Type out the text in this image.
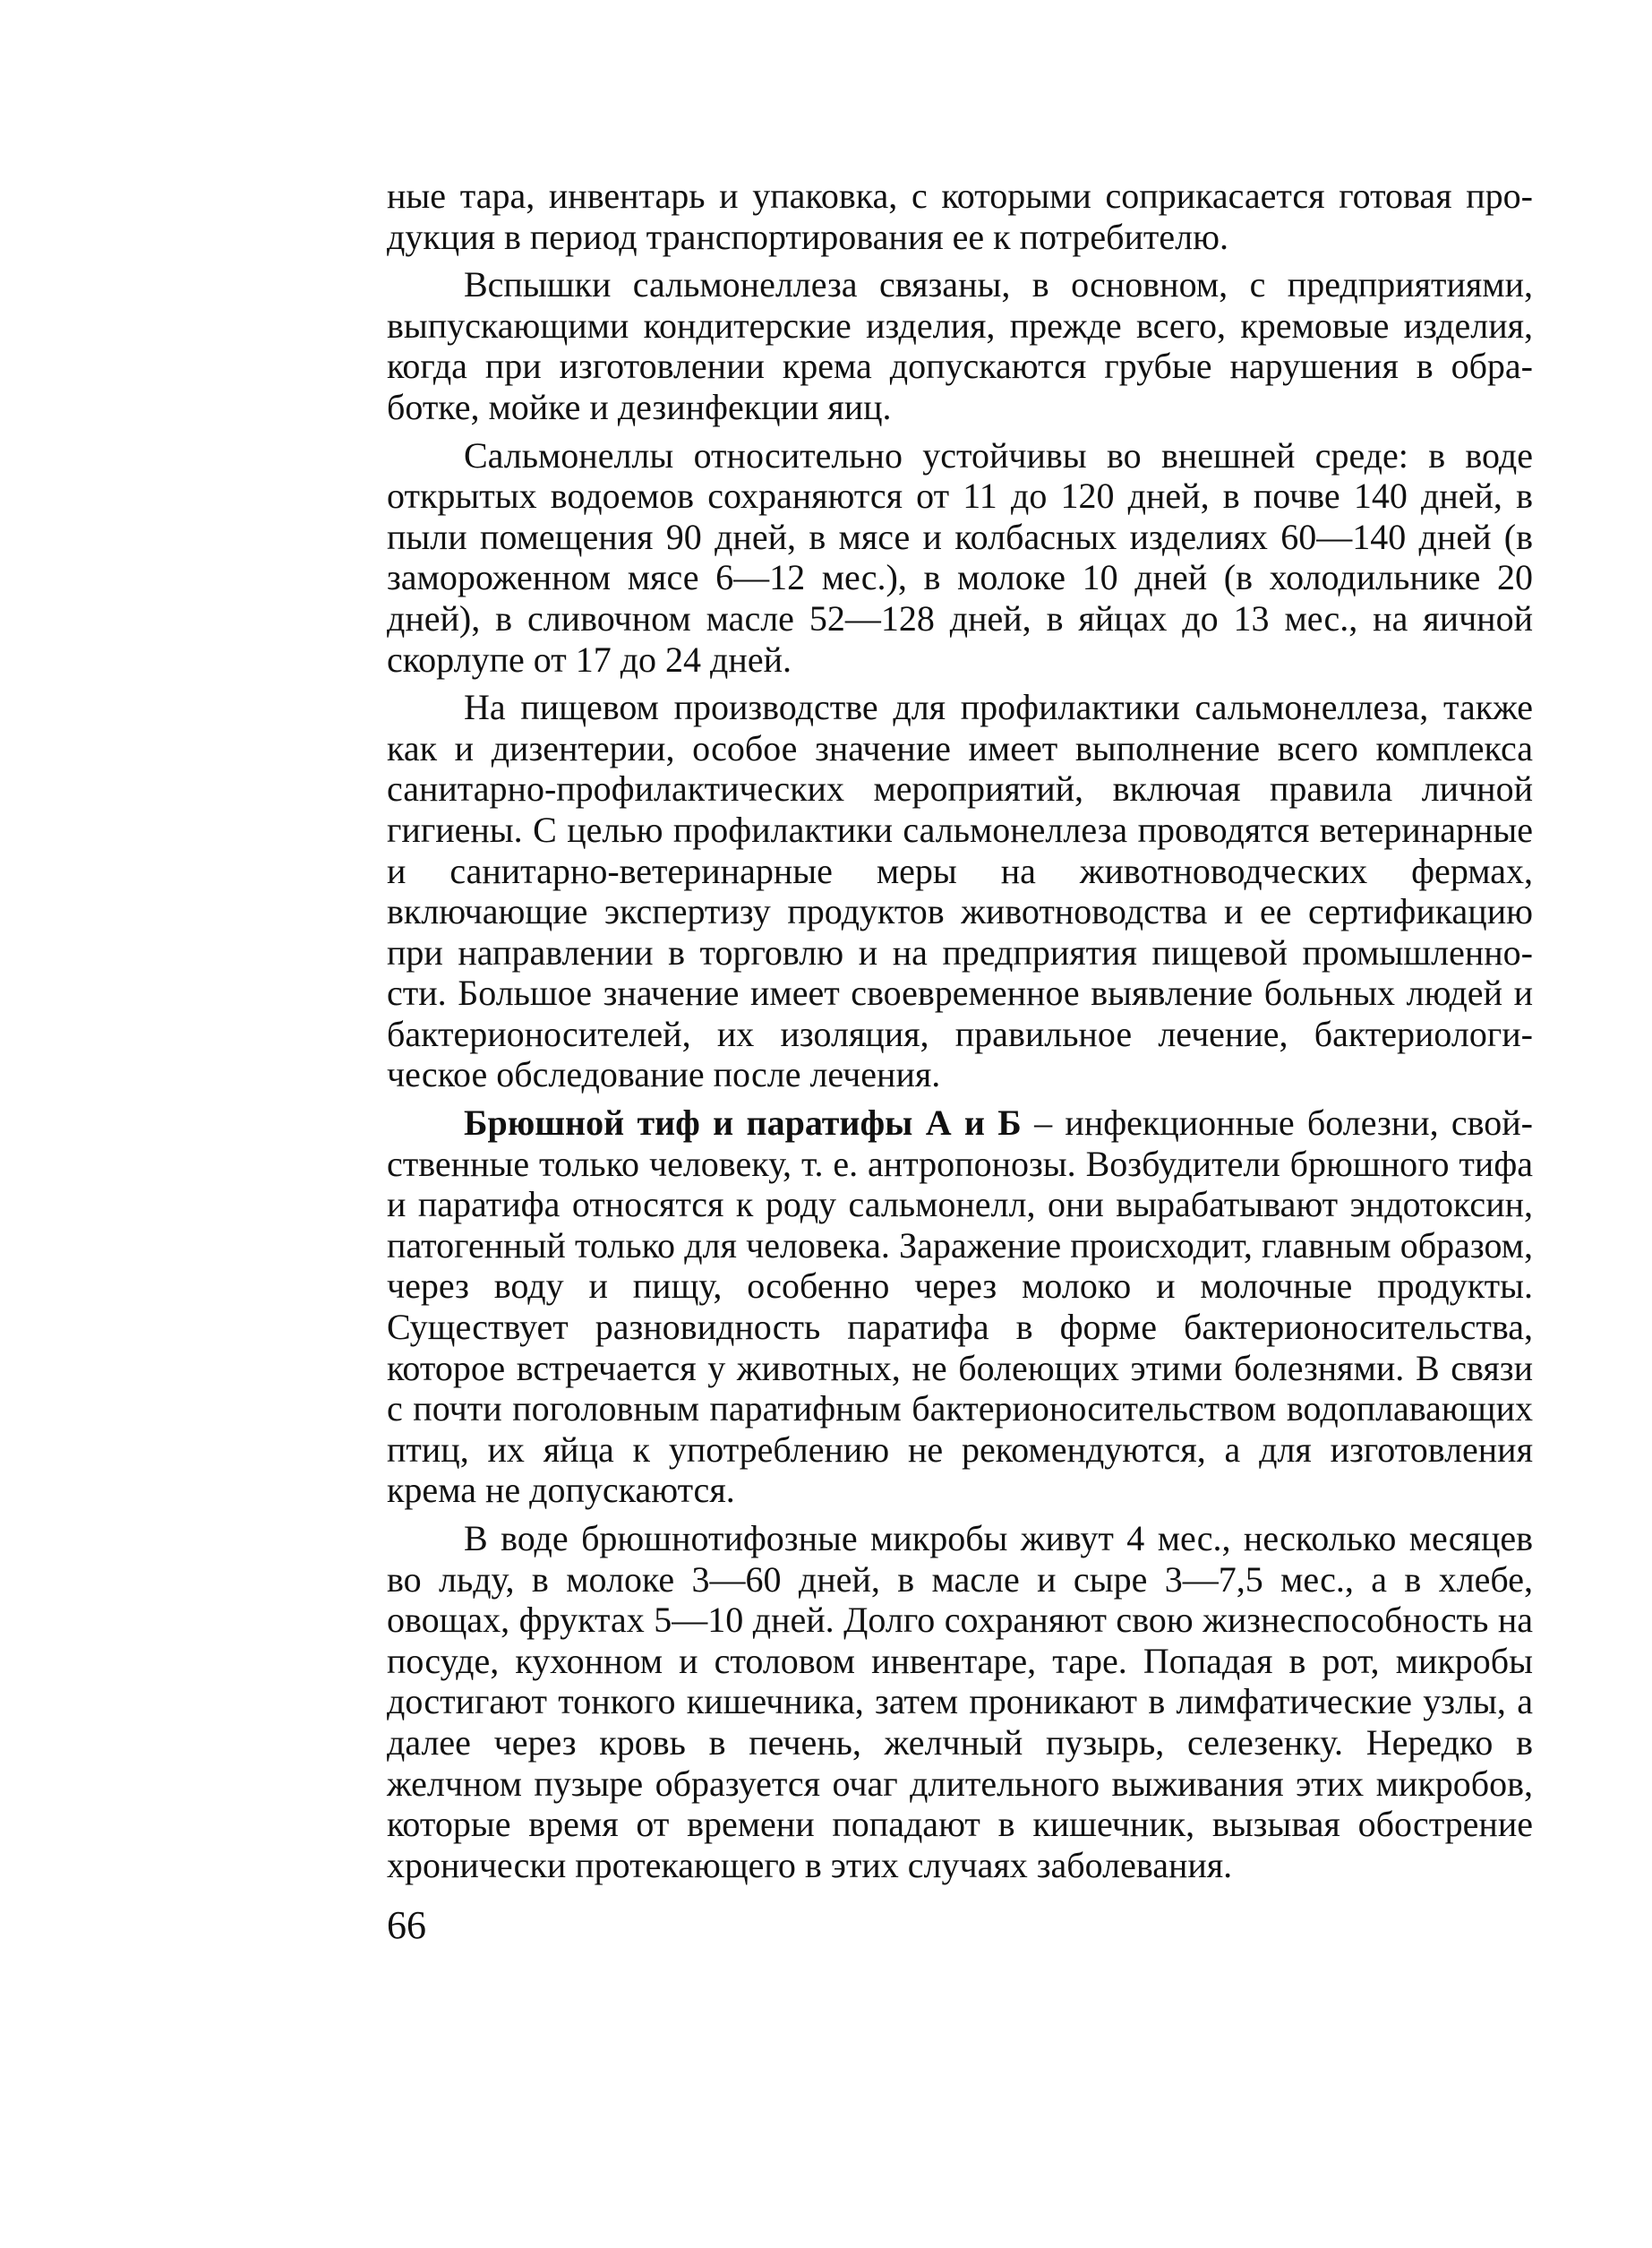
ные тара, инвентарь и упаковка, с которыми соприкасается готовая продукция в период транспортирования ее к потребителю.

Вспышки сальмонеллеза связаны, в основном, с предприятиями, выпускающими кондитерские изделия, прежде всего, кремовые изделия, когда при изготовлении крема допускаются грубые нарушения в обработке, мойке и дезинфекции яиц.

Сальмонеллы относительно устойчивы во внешней среде: в воде открытых водоемов сохраняются от 11 до 120 дней, в почве 140 дней, в пыли помещения 90 дней, в мясе и колбасных изделиях 60—140 дней (в замороженном мясе 6—12 мес.), в молоке 10 дней (в холодильнике 20 дней), в сливочном масле 52—128 дней, в яйцах до 13 мес., на яичной скорлупе от 17 до 24 дней.

На пищевом производстве для профилактики сальмонеллеза, также как и дизентерии, особое значение имеет выполнение всего комплекса санитарно-профилактических мероприятий, включая правила личной гигиены. С целью профилактики сальмонеллеза проводятся ветеринарные и санитарно-ветеринарные меры на животноводческих фермах, включающие экспертизу продуктов животноводства и ее сертификацию при направлении в торговлю и на предприятия пищевой промышленности. Большое значение имеет своевременное выявление больных людей и бактерионосителей, их изоляция, правильное лечение, бактериологическое обследование после лечения.

Брюшной тиф и паратифы А и Б – инфекционные болезни, свойственные только человеку, т. е. антропонозы. Возбудители брюшного тифа и паратифа относятся к роду сальмонелл, они вырабатывают эндотоксин, патогенный только для человека. Заражение происходит, главным образом, через воду и пищу, особенно через молоко и молочные продукты. Существует разновидность паратифа в форме бактерионосительства, которое встречается у животных, не болеющих этими болезнями. В связи с почти поголовным паратифным бактерионосительством водоплавающих птиц, их яйца к употреблению не рекомендуются, а для изготовления крема не допускаются.

В воде брюшнотифозные микробы живут 4 мес., несколько месяцев во льду, в молоке 3—60 дней, в масле и сыре 3—7,5 мес., а в хлебе, овощах, фруктах 5—10 дней. Долго сохраняют свою жизнеспособность на посуде, кухонном и столовом инвентаре, таре. Попадая в рот, микробы достигают тонкого кишечника, затем проникают в лимфатические узлы, а далее через кровь в печень, желчный пузырь, селезенку. Нередко в желчном пузыре образуется очаг длительного выживания этих микробов, которые время от времени попадают в кишечник, вызывая обострение хронически протекающего в этих случаях заболевания.

66
